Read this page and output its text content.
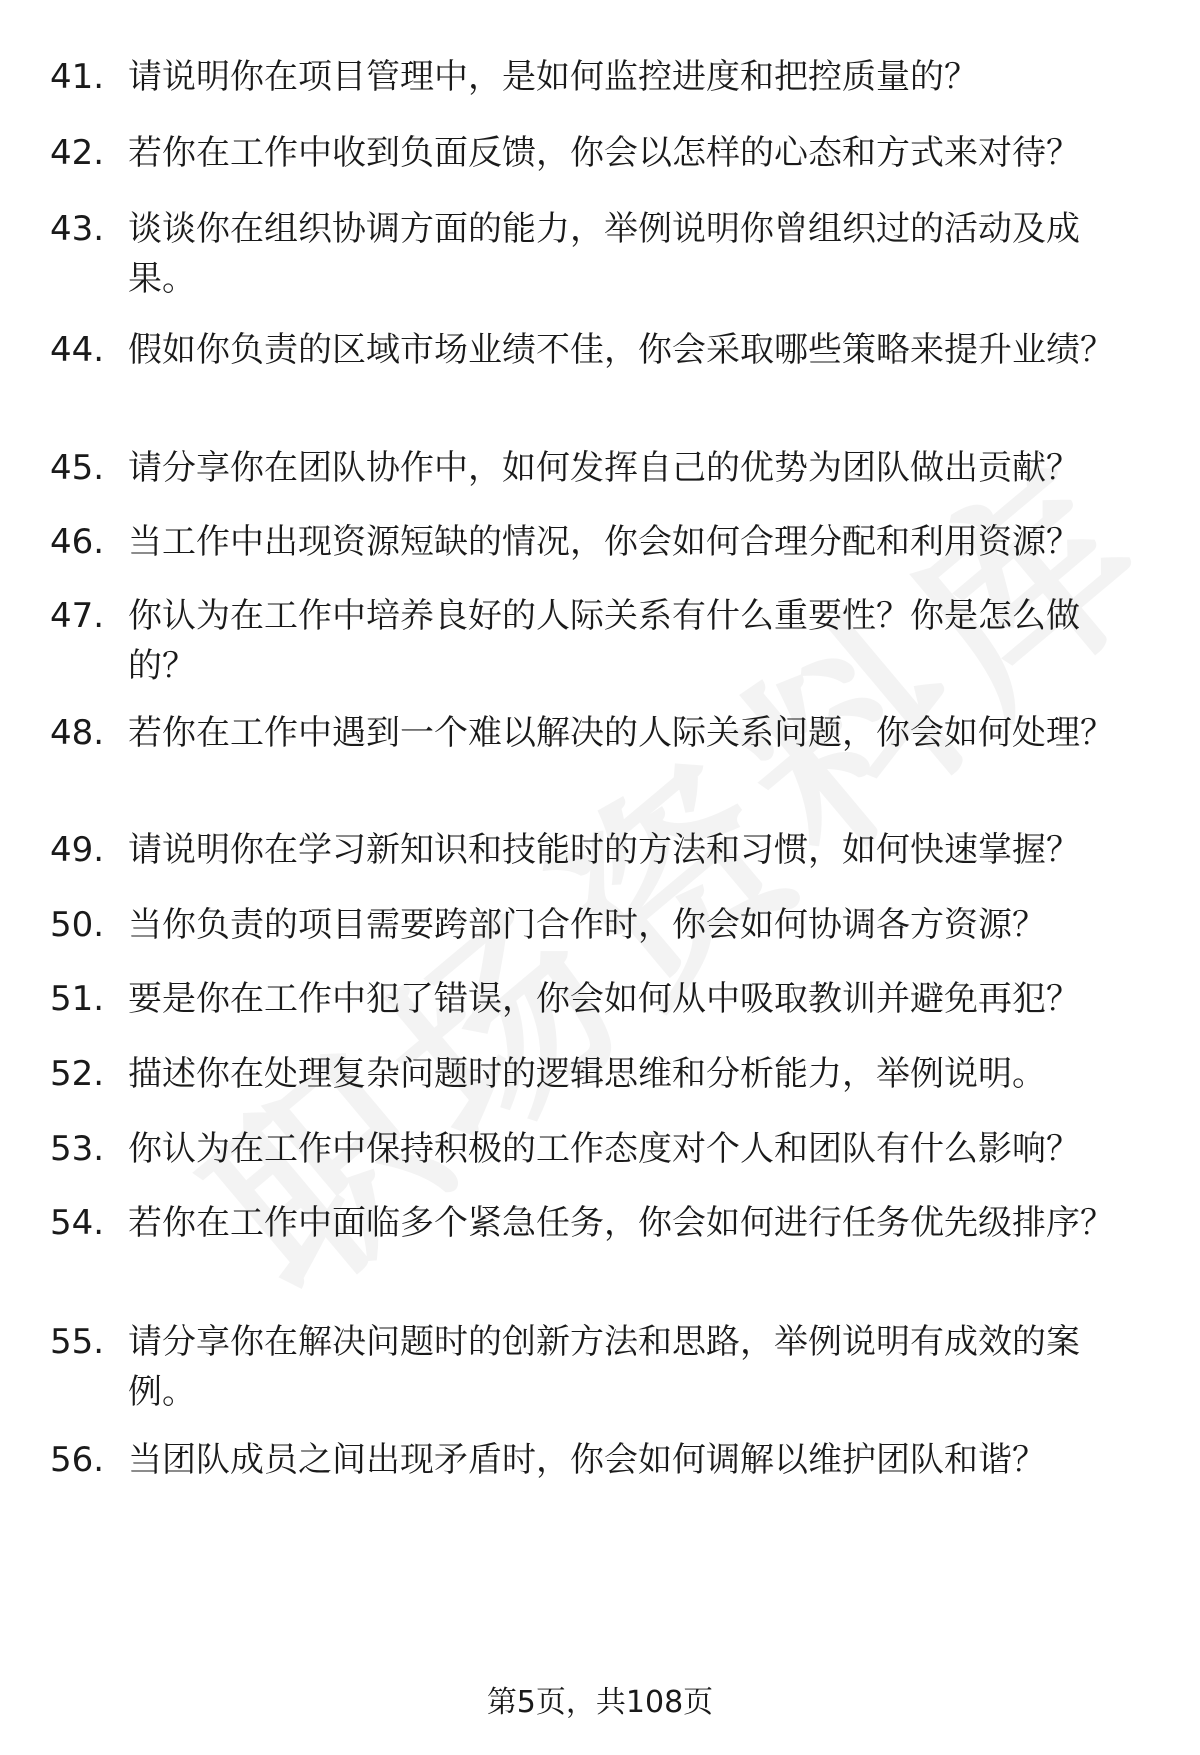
41. 请说明你在项目管理中，是如何监控进度和把控质量的？
42. 若你在工作中收到负面反馈，你会以怎样的心态和方式来对待？
43. 谈谈你在组织协调方面的能力，举例说明你曾组织过的活动及成果。
44. 假如你负责的区域市场业绩不佳，你会采取哪些策略来提升业绩？
45. 请分享你在团队协作中，如何发挥自己的优势为团队做出贡献？
46. 当工作中出现资源短缺的情况，你会如何合理分配和利用资源？
47. 你认为在工作中培养良好的人际关系有什么重要性？你是怎么做的？
48. 若你在工作中遇到一个难以解决的人际关系问题，你会如何处理？
49. 请说明你在学习新知识和技能时的方法和习惯，如何快速掌握？
50. 当你负责的项目需要跨部门合作时，你会如何协调各方资源？
51. 要是你在工作中犯了错误，你会如何从中吸取教训并避免再犯？
52. 描述你在处理复杂问题时的逻辑思维和分析能力，举例说明。
53. 你认为在工作中保持积极的工作态度对个人和团队有什么影响？
54. 若你在工作中面临多个紧急任务，你会如何进行任务优先级排序？
55. 请分享你在解决问题时的创新方法和思路，举例说明有成效的案例。
56. 当团队成员之间出现矛盾时，你会如何调解以维护团队和谐？
第5页，共108页
